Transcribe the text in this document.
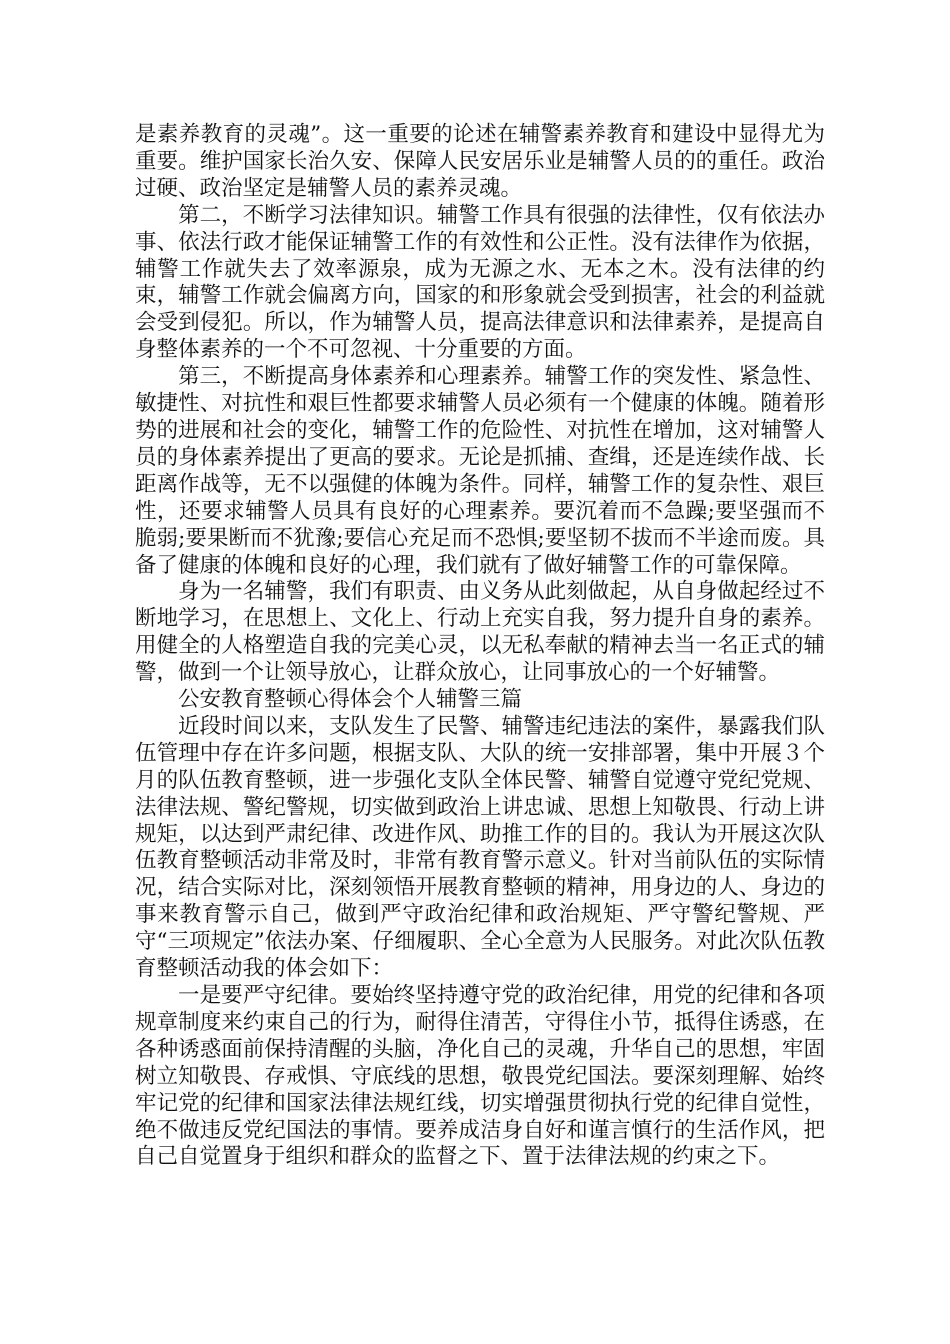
是素养教育的灵魂”。这一重要的论述在辅警素养教育和建设中显得尤为重要。维护国家长治久安、保障人民安居乐业是辅警人员的的重任。政治过硬、政治坚定是辅警人员的素养灵魂。

第二，不断学习法律知识。辅警工作具有很强的法律性，仅有依法办事、依法行政才能保证辅警工作的有效性和公正性。没有法律作为依据，辅警工作就失去了效率源泉，成为无源之水、无本之木。没有法律的约束，辅警工作就会偏离方向，国家的和形象就会受到损害，社会的利益就会受到侵犯。所以，作为辅警人员，提高法律意识和法律素养，是提高自身整体素养的一个不可忽视、十分重要的方面。

第三，不断提高身体素养和心理素养。辅警工作的突发性、紧急性、敏捷性、对抗性和艰巨性都要求辅警人员必须有一个健康的体魄。随着形势的进展和社会的变化，辅警工作的危险性、对抗性在增加，这对辅警人员的身体素养提出了更高的要求。无论是抓捕、查缉，还是连续作战、长距离作战等，无不以强健的体魄为条件。同样，辅警工作的复杂性、艰巨性，还要求辅警人员具有良好的心理素养。要沉着而不急躁;要坚强而不脆弱;要果断而不犹豫;要信心充足而不恐惧;要坚韧不拔而不半途而废。具备了健康的体魄和良好的心理，我们就有了做好辅警工作的可靠保障。

身为一名辅警，我们有职责、由义务从此刻做起，从自身做起经过不断地学习，在思想上、文化上、行动上充实自我，努力提升自身的素养。用健全的人格塑造自我的完美心灵，以无私奉献的精神去当一名正式的辅警，做到一个让领导放心，让群众放心，让同事放心的一个好辅警。

公安教育整顿心得体会个人辅警三篇

近段时间以来，支队发生了民警、辅警违纪违法的案件，暴露我们队伍管理中存在许多问题，根据支队、大队的统一安排部署，集中开展３个月的队伍教育整顿，进一步强化支队全体民警、辅警自觉遵守党纪党规、法律法规、警纪警规，切实做到政治上讲忠诚、思想上知敬畏、行动上讲规矩，以达到严肃纪律、改进作风、助推工作的目的。我认为开展这次队伍教育整顿活动非常及时，非常有教育警示意义。针对当前队伍的实际情况，结合实际对比，深刻领悟开展教育整顿的精神，用身边的人、身边的事来教育警示自己，做到严守政治纪律和政治规矩、严守警纪警规、严守“三项规定”依法办案、仔细履职、全心全意为人民服务。对此次队伍教育整顿活动我的体会如下：

一是要严守纪律。要始终坚持遵守党的政治纪律，用党的纪律和各项规章制度来约束自己的行为，耐得住清苦，守得住小节，抵得住诱惑，在各种诱惑面前保持清醒的头脑，净化自己的灵魂，升华自己的思想，牢固树立知敬畏、存戒惧、守底线的思想，敬畏党纪国法。要深刻理解、始终牢记党的纪律和国家法律法规红线，切实增强贯彻执行党的纪律自觉性，绝不做违反党纪国法的事情。要养成洁身自好和谨言慎行的生活作风，把自己自觉置身于组织和群众的监督之下、置于法律法规的约束之下。
